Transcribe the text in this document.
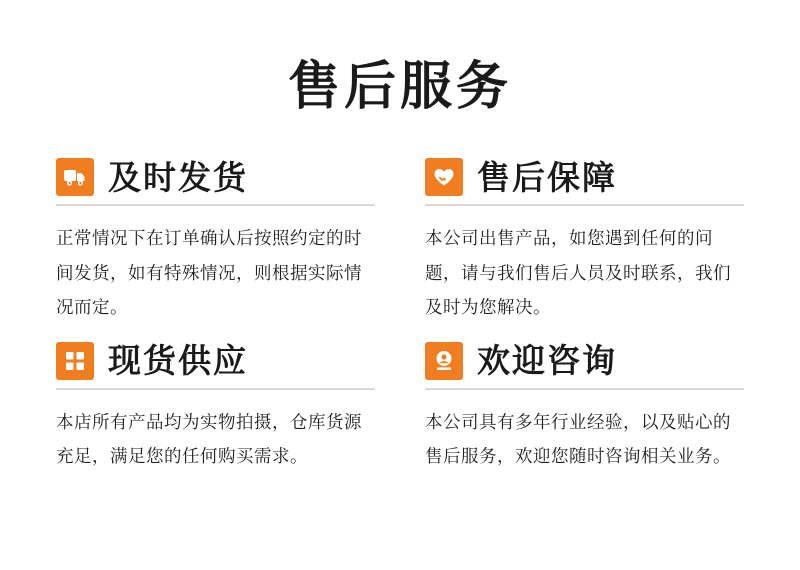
售后服务
及时发货
正常情况下在订单确认后按照约定的时间发货，如有特殊情况，则根据实际情况而定。
售后保障
本公司出售产品，如您遇到任何的问题，请与我们售后人员及时联系，我们及时为您解决。
现货供应
本店所有产品均为实物拍摄，仓库货源充足，满足您的任何购买需求。
欢迎咨询
本公司具有多年行业经验，以及贴心的售后服务，欢迎您随时咨询相关业务。
